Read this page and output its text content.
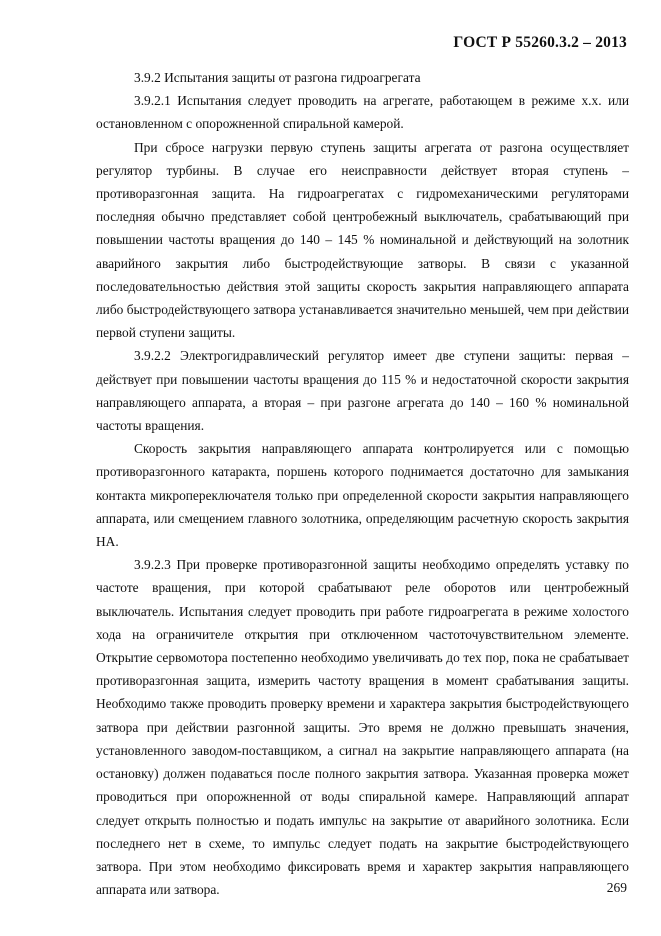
ГОСТ Р 55260.3.2 – 2013

3.9.2 Испытания защиты от разгона гидроагрегата

3.9.2.1 Испытания следует проводить на агрегате, работающем в режиме х.х. или остановленном с опорожненной спиральной камерой.

При сбросе нагрузки первую ступень защиты агрегата от разгона осуществляет регулятор турбины. В случае его неисправности действует вторая ступень – противоразгонная защита. На гидроагрегатах с гидромеханическими регуляторами последняя обычно представляет собой центробежный выключатель, срабатывающий при повышении частоты вращения до 140 – 145 % номинальной и действующий на золотник аварийного закрытия либо быстродействующие затворы. В связи с указанной последовательностью действия этой защиты скорость закрытия направляющего аппарата либо быстродействующего затвора устанавливается значительно меньшей, чем при действии первой ступени защиты.

3.9.2.2 Электрогидравлический регулятор имеет две ступени защиты: первая – действует при повышении частоты вращения до 115 % и недостаточной скорости закрытия направляющего аппарата, а вторая – при разгоне агрегата до 140 – 160 % номинальной частоты вращения.

Скорость закрытия направляющего аппарата контролируется или с помощью противоразгонного катаракта, поршень которого поднимается достаточно для замыкания контакта микропереключателя только при определенной скорости закрытия направляющего аппарата, или смещением главного золотника, определяющим расчетную скорость закрытия НА.

3.9.2.3 При проверке противоразгонной защиты необходимо определять уставку по частоте вращения, при которой срабатывают реле оборотов или центробежный выключатель. Испытания следует проводить при работе гидроагрегата в режиме холостого хода на ограничителе открытия при отключенном частоточувствительном элементе. Открытие сервомотора постепенно необходимо увеличивать до тех пор, пока не срабатывает противоразгонная защита, измерить частоту вращения в момент срабатывания защиты. Необходимо также проводить проверку времени и характера закрытия быстродействующего затвора при действии разгонной защиты. Это время не должно превышать значения, установленного заводом-поставщиком, а сигнал на закрытие направляющего аппарата (на остановку) должен подаваться после полного закрытия затвора. Указанная проверка может проводиться при опорожненной от воды спиральной камере. Направляющий аппарат следует открыть полностью и подать импульс на закрытие от аварийного золотника. Если последнего нет в схеме, то импульс следует подать на закрытие быстродействующего затвора. При этом необходимо фиксировать время и характер закрытия направляющего аппарата или затвора.	269
